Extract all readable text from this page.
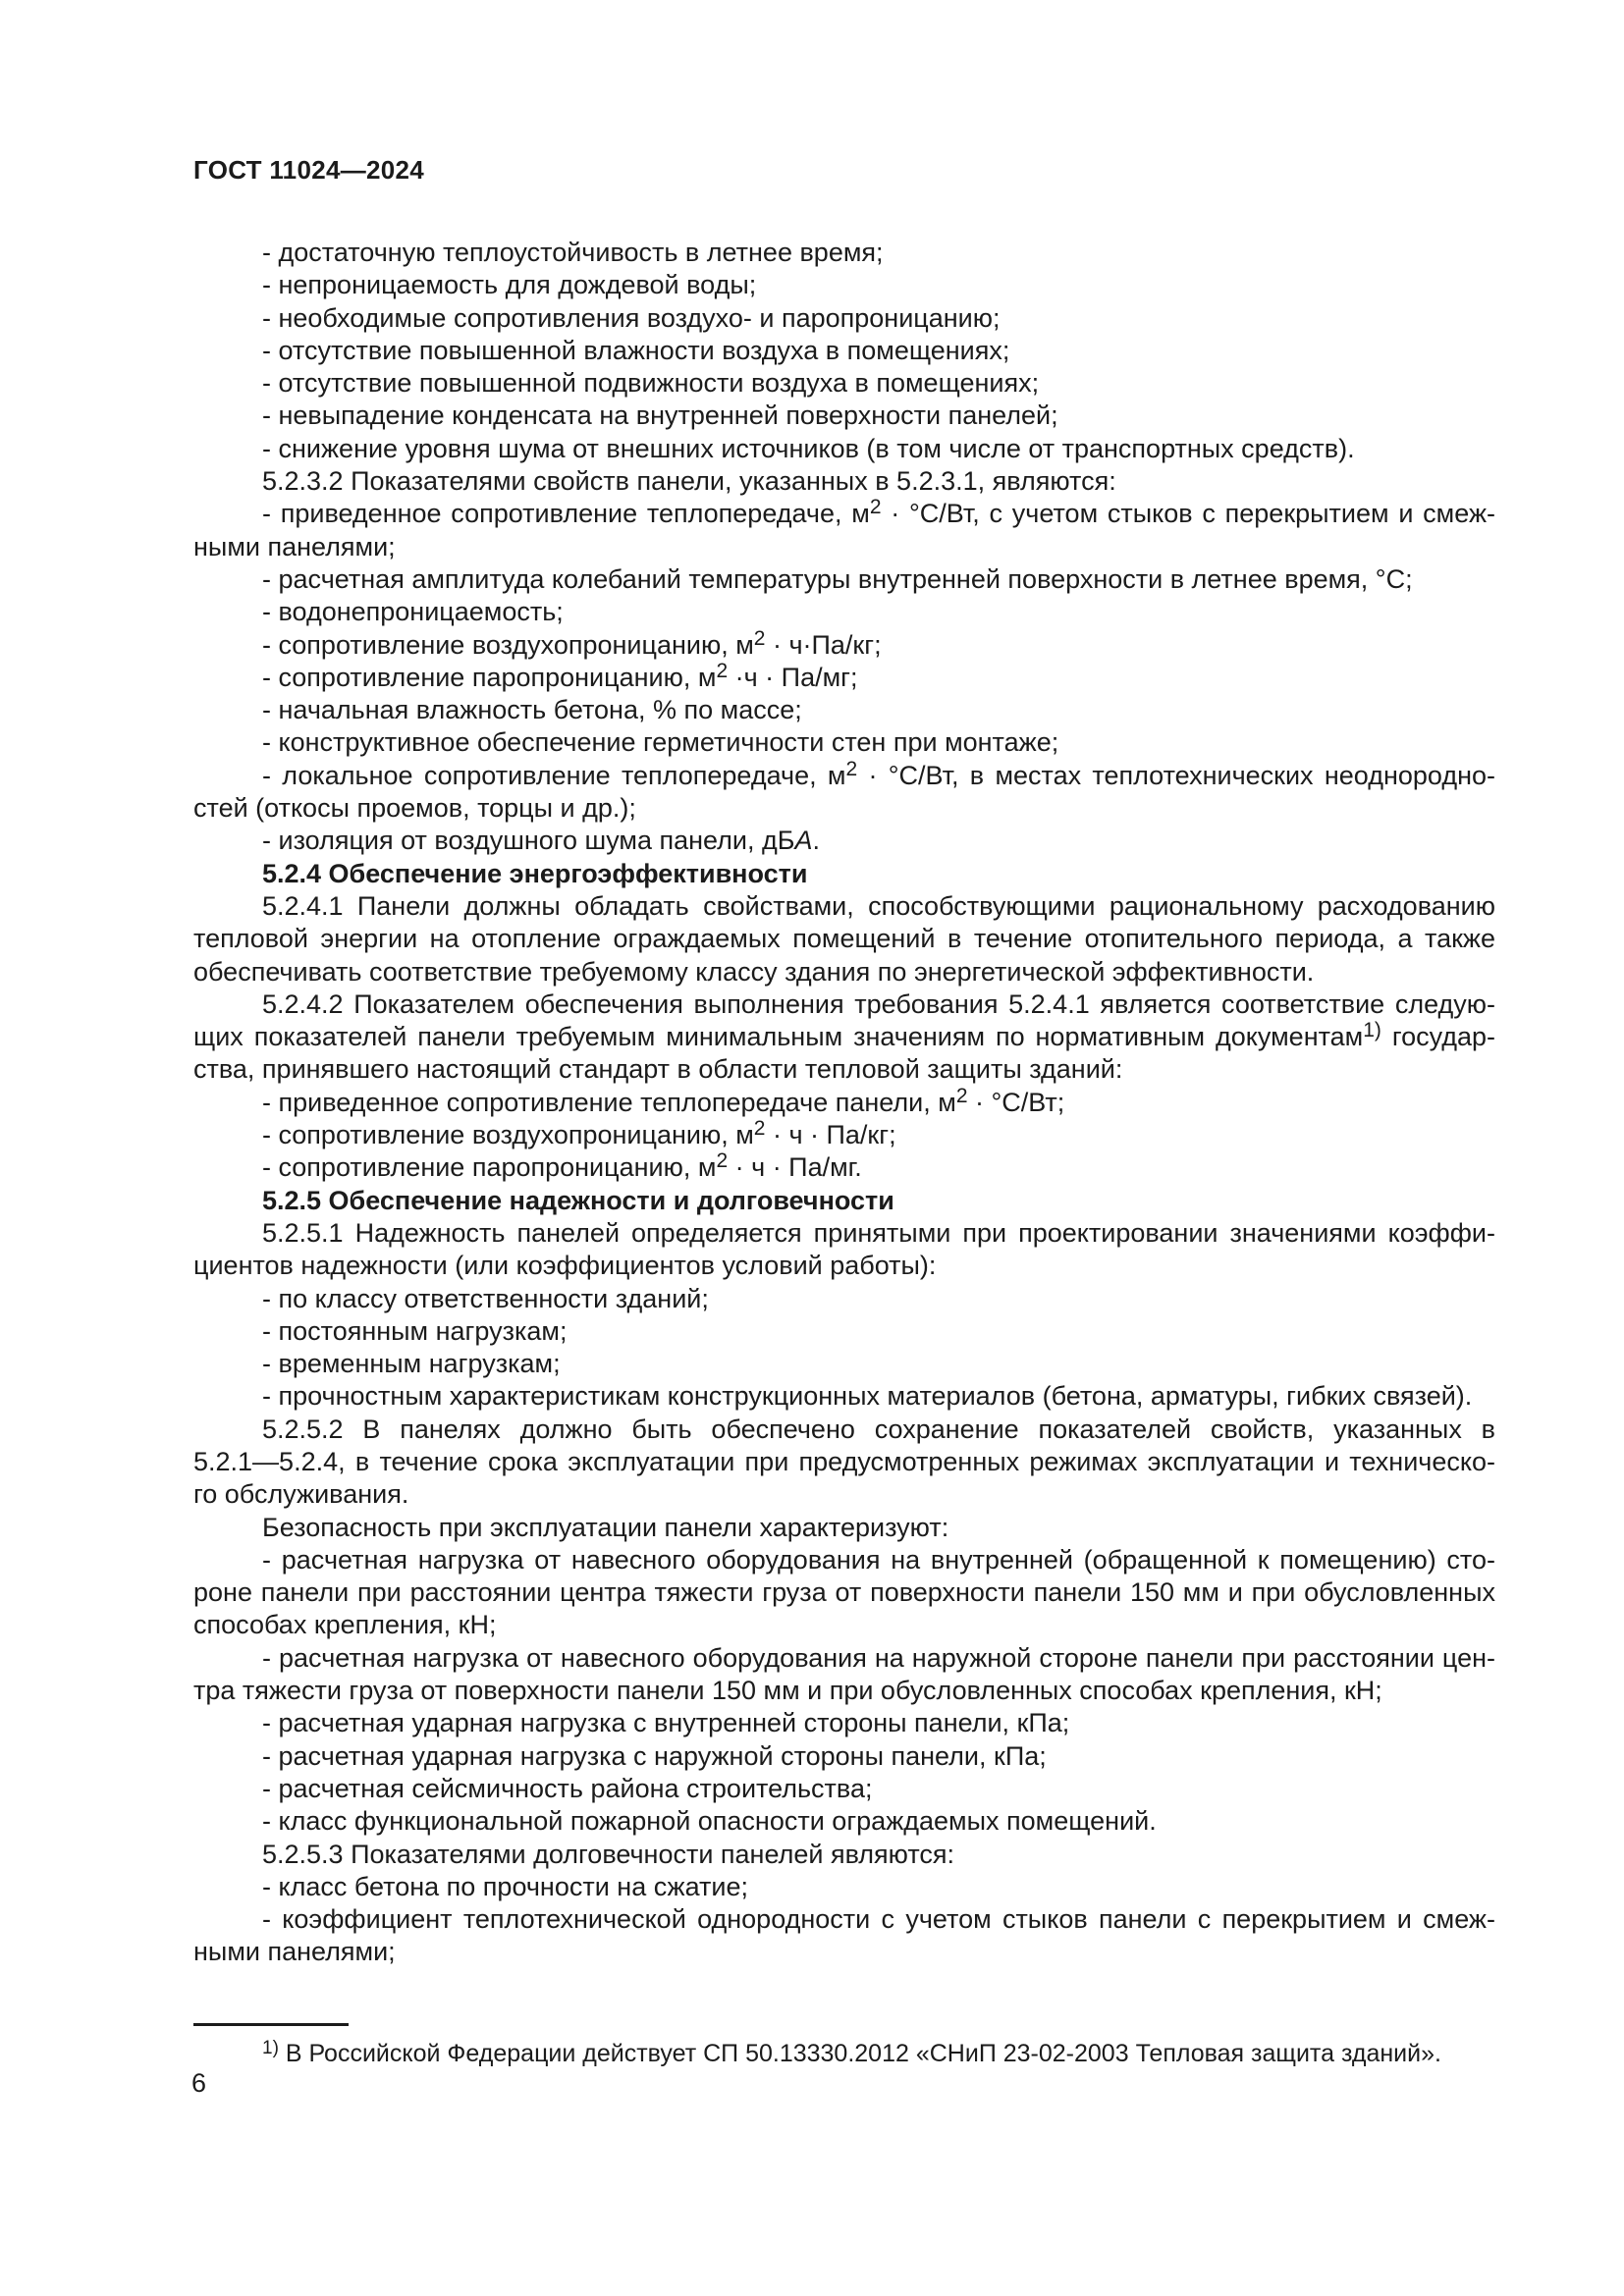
ГОСТ 11024—2024
- достаточную теплоустойчивость в летнее время;
- непроницаемость для дождевой воды;
- необходимые сопротивления воздухо- и паропроницанию;
- отсутствие повышенной влажности воздуха в помещениях;
- отсутствие повышенной подвижности воздуха в помещениях;
- невыпадение конденсата на внутренней поверхности панелей;
- снижение уровня шума от внешних источников (в том числе от транспортных средств).
5.2.3.2 Показателями свойств панели, указанных в 5.2.3.1, являются:
- приведенное сопротивление теплопередаче, $м^2 \cdot ^\circ С/Вт$, с учетом стыков с перекрытием и смеж-
ными панелями;
- расчетная амплитуда колебаний температуры внутренней поверхности в летнее время, °С;
- водонепроницаемость;
- сопротивление воздухопроницанию, $м^2 \cdot ч\cdot Па/кг$;
- сопротивление паропроницанию, $м^2 \cdot ч \cdot Па/мг$;
- начальная влажность бетона, % по массе;
- конструктивное обеспечение герметичности стен при монтаже;
- локальное сопротивление теплопередаче, $м^2 \cdot ^\circ С/Вт$, в местах теплотехнических неоднородно-
стей (откосы проемов, торцы и др.);
- изоляция от воздушного шума панели, дБА.
5.2.4 Обеспечение энергоэффективности
5.2.4.1 Панели должны обладать свойствами, способствующими рациональному расходованию
тепловой энергии на отопление ограждаемых помещений в течение отопительного периода, а также
обеспечивать соответствие требуемому классу здания по энергетической эффективности.
5.2.4.2 Показателем обеспечения выполнения требования 5.2.4.1 является соответствие следую-
щих показателей панели требуемым минимальным значениям по нормативным документам$^{1)}$ государ-
ства, принявшего настоящий стандарт в области тепловой защиты зданий:
- приведенное сопротивление теплопередаче панели, $м^2 \cdot ^\circ С/Вт$;
- сопротивление воздухопроницанию, $м^2 \cdot ч \cdot Па/кг$;
- сопротивление паропроницанию, $м^2 \cdot ч \cdot Па/мг$.
5.2.5 Обеспечение надежности и долговечности
5.2.5.1 Надежность панелей определяется принятыми при проектировании значениями коэффи-
циентов надежности (или коэффициентов условий работы):
- по классу ответственности зданий;
- постоянным нагрузкам;
- временным нагрузкам;
- прочностным характеристикам конструкционных материалов (бетона, арматуры, гибких связей).
5.2.5.2 В панелях должно быть обеспечено сохранение показателей свойств, указанных в
5.2.1—5.2.4, в течение срока эксплуатации при предусмотренных режимах эксплуатации и техническо-
го обслуживания.
Безопасность при эксплуатации панели характеризуют:
- расчетная нагрузка от навесного оборудования на внутренней (обращенной к помещению) сто-
роне панели при расстоянии центра тяжести груза от поверхности панели 150 мм и при обусловленных
способах крепления, кН;
- расчетная нагрузка от навесного оборудования на наружной стороне панели при расстоянии цен-
тра тяжести груза от поверхности панели 150 мм и при обусловленных способах крепления, кН;
- расчетная ударная нагрузка с внутренней стороны панели, кПа;
- расчетная ударная нагрузка с наружной стороны панели, кПа;
- расчетная сейсмичность района строительства;
- класс функциональной пожарной опасности ограждаемых помещений.
5.2.5.3 Показателями долговечности панелей являются:
- класс бетона по прочности на сжатие;
- коэффициент теплотехнической однородности с учетом стыков панели с перекрытием и смеж-
ными панелями;
$^{1)}$ В Российской Федерации действует СП 50.13330.2012 «СНиП 23-02-2003 Тепловая защита зданий».
6
